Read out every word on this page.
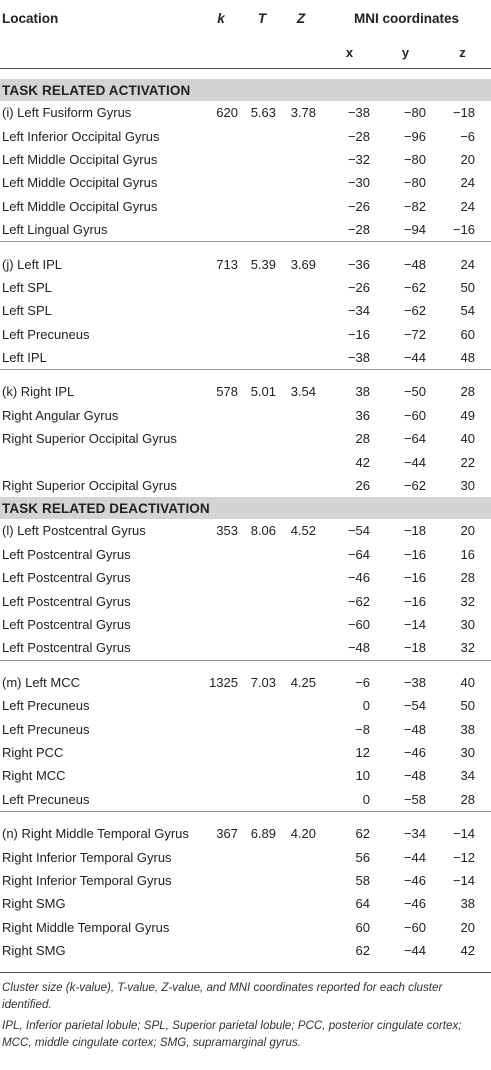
Location	k	T	Z	MNI coordinates		
				x	y	z

TASK RELATED ACTIVATION						
(i) Left Fusiform Gyrus	620	5.63	3.78	−38	−80	−18
Left Inferior Occipital Gyrus				−28	−96	−6
Left Middle Occipital Gyrus				−32	−80	20
Left Middle Occipital Gyrus				−30	−80	24
Left Middle Occipital Gyrus				−26	−82	24
Left Lingual Gyrus				−28	−94	−16

(j) Left IPL	713	5.39	3.69	−36	−48	24
Left SPL				−26	−62	50
Left SPL				−34	−62	54
Left Precuneus				−16	−72	60
Left IPL				−38	−44	48

(k) Right IPL	578	5.01	3.54	38	−50	28
Right Angular Gyrus				36	−60	49
Right Superior Occipital Gyrus				28	−64	40
				42	−44	22
Right Superior Occipital Gyrus				26	−62	30
TASK RELATED DEACTIVATION						
(l) Left Postcentral Gyrus	353	8.06	4.52	−54	−18	20
Left Postcentral Gyrus				−64	−16	16
Left Postcentral Gyrus				−46	−16	28
Left Postcentral Gyrus				−62	−16	32
Left Postcentral Gyrus				−60	−14	30
Left Postcentral Gyrus				−48	−18	32

(m) Left MCC	1325	7.03	4.25	−6	−38	40
Left Precuneus				0	−54	50
Left Precuneus				−8	−48	38
Right PCC				12	−46	30
Right MCC				10	−48	34
Left Precuneus				0	−58	28

(n) Right Middle Temporal Gyrus	367	6.89	4.20	62	−34	−14
Right Inferior Temporal Gyrus				56	−44	−12
Right Inferior Temporal Gyrus				58	−46	−14
Right SMG				64	−46	38
Right Middle Temporal Gyrus				60	−60	20
Right SMG				62	−44	42

Cluster size (k-value), T-value, Z-value, and MNI coordinates reported for each cluster identified.

IPL, Inferior parietal lobule; SPL, Superior parietal lobule; PCC, posterior cingulate cortex; MCC, middle cingulate cortex; SMG, supramarginal gyrus.
